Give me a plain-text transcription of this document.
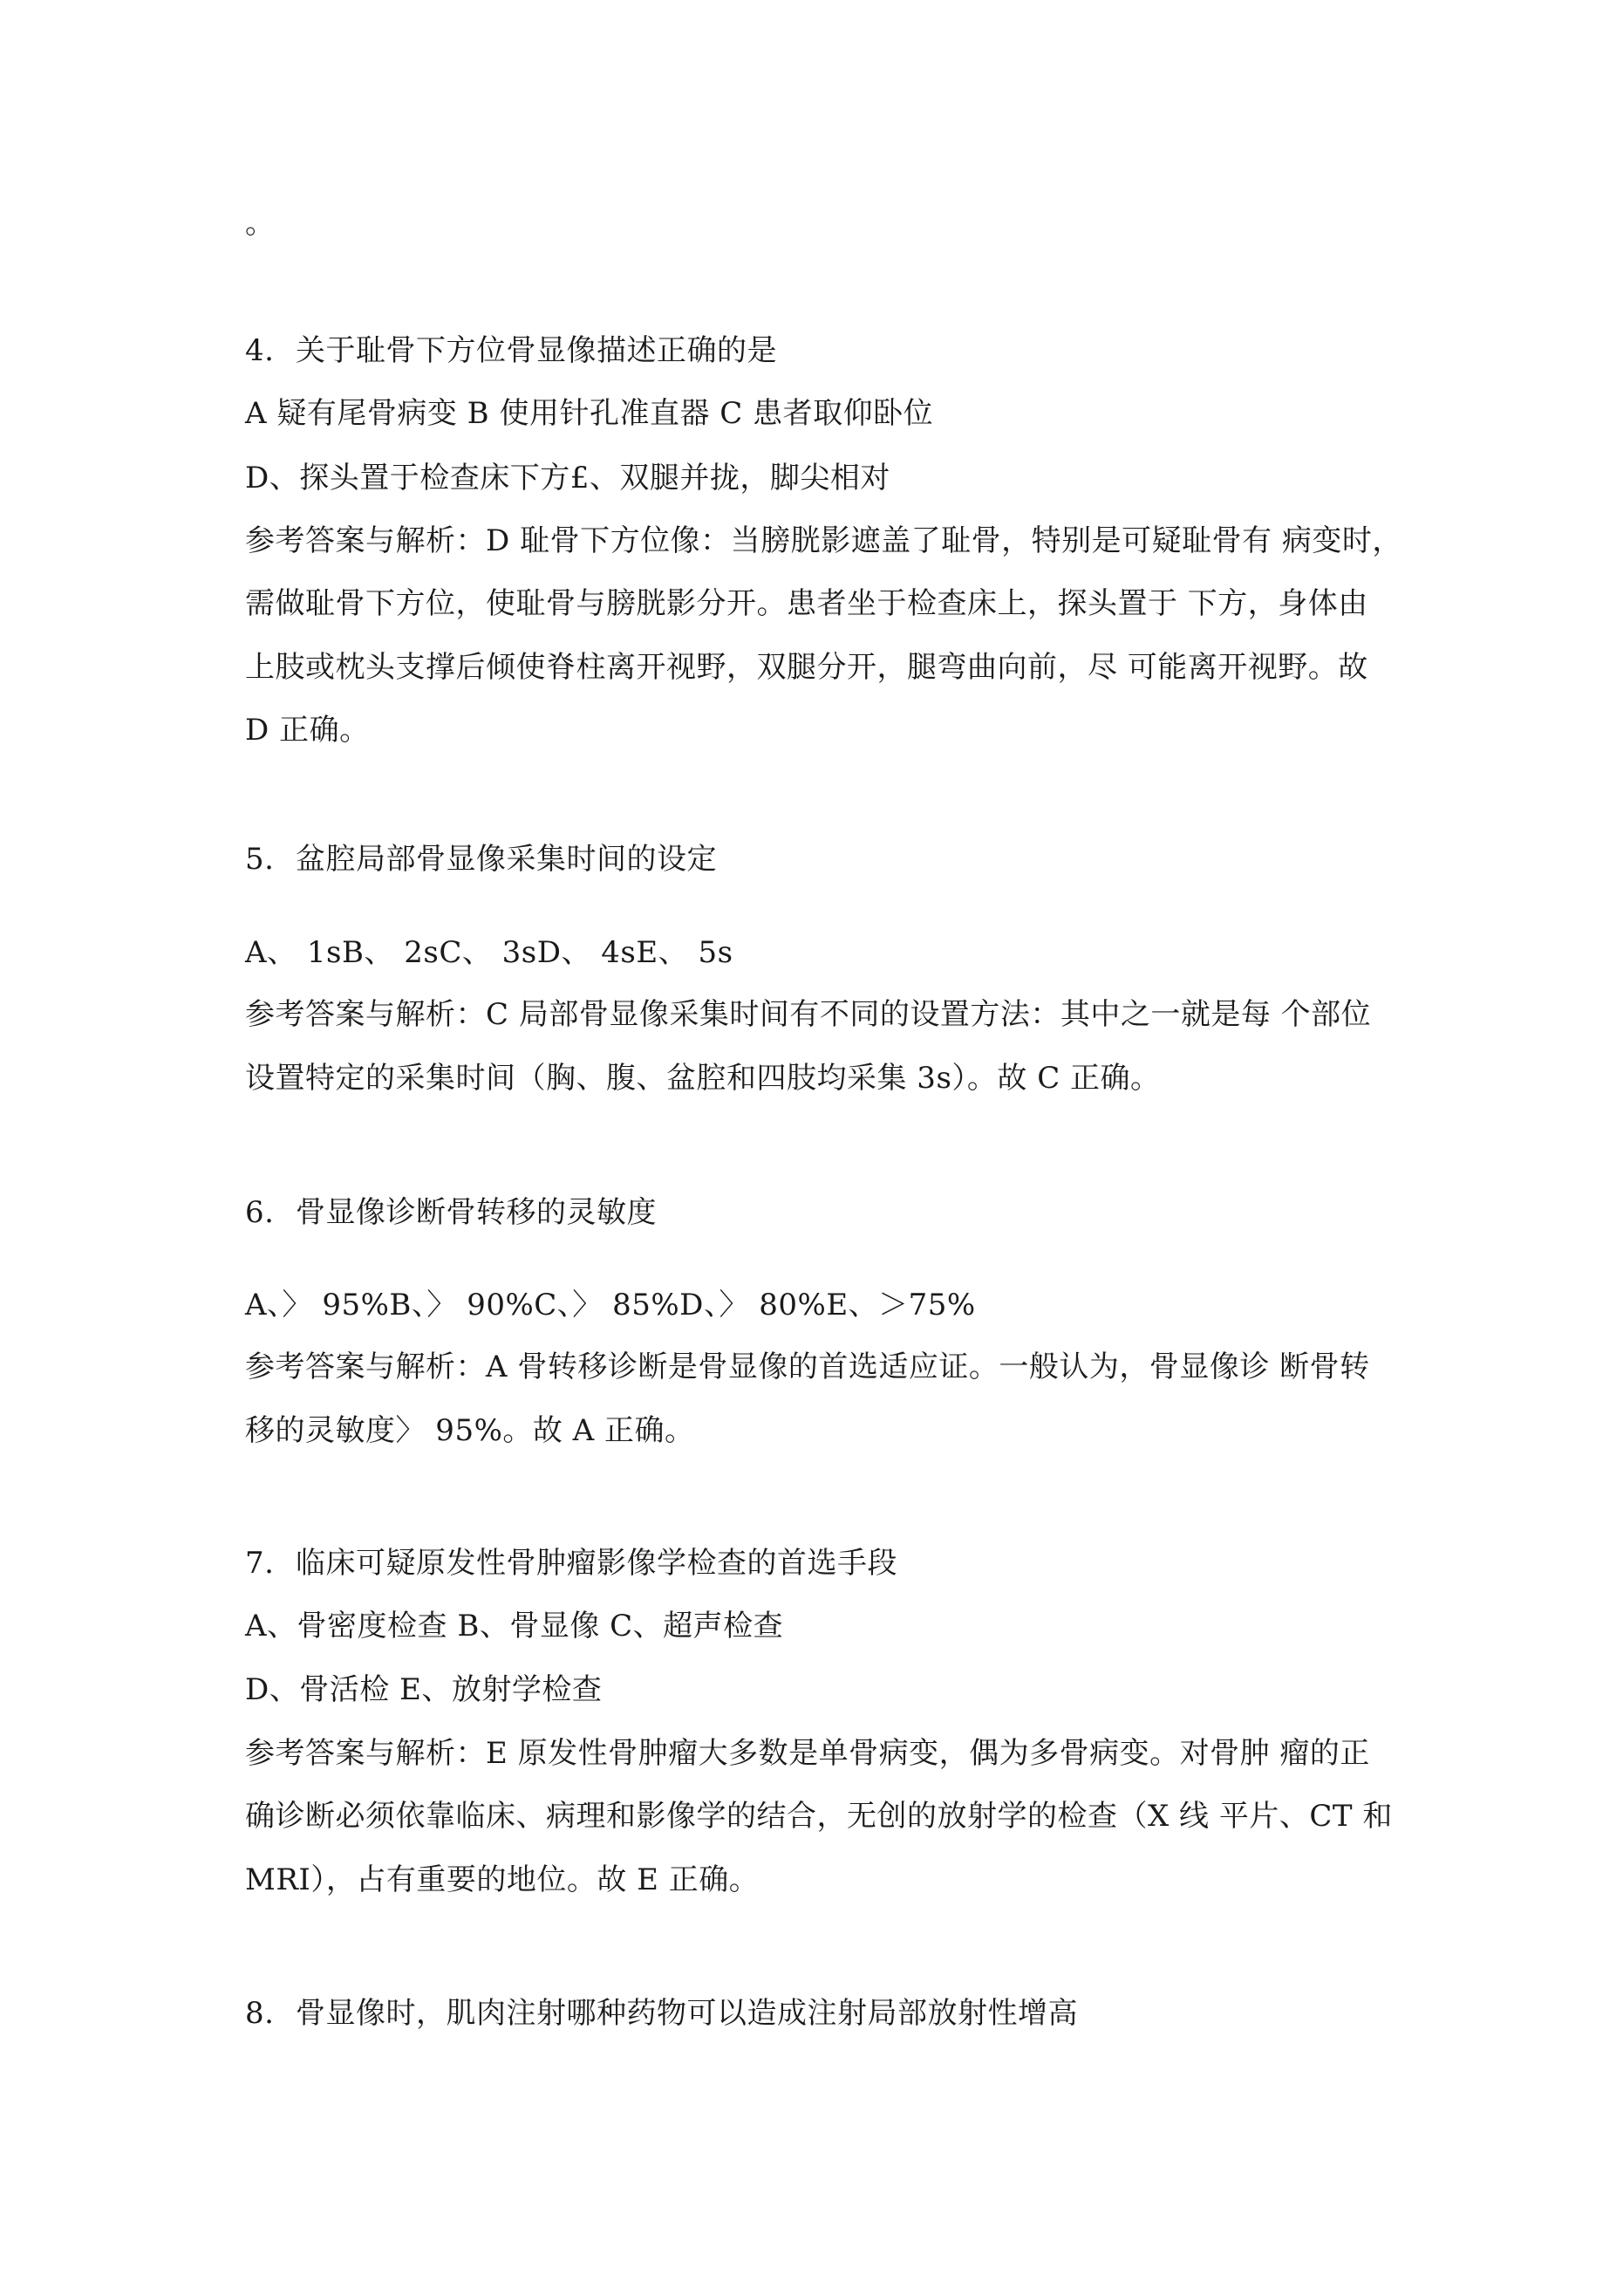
。
4. 关于耻骨下方位骨显像描述正确的是
A 疑有尾骨病变 B 使用针孔准直器 C 患者取仰卧位
D、探头置于检查床下方£、双腿并拢，脚尖相对
参考答案与解析：D 耻骨下方位像：当膀胱影遮盖了耻骨，特别是可疑耻骨有 病变时，
需做耻骨下方位，使耻骨与膀胱影分开。患者坐于检查床上，探头置于 下方，身体由
上肢或枕头支撑后倾使脊柱离开视野，双腿分开，腿弯曲向前，尽 可能离开视野。故
D 正确。
5. 盆腔局部骨显像采集时间的设定
A、 1sB、 2sC、 3sD、 4sE、 5s
参考答案与解析：C 局部骨显像采集时间有不同的设置方法：其中之一就是每 个部位
设置特定的采集时间（胸、腹、盆腔和四肢均采集 3s）。故 C 正确。
6. 骨显像诊断骨转移的灵敏度
A、〉 95%B、〉 90%C、〉 85%D、〉 80%E、＞75%
参考答案与解析：A 骨转移诊断是骨显像的首选适应证。一般认为，骨显像诊 断骨转
移的灵敏度〉 95%。故 A 正确。
7. 临床可疑原发性骨肿瘤影像学检查的首选手段
A、骨密度检查 B、骨显像 C、超声检查
D、骨活检 E、放射学检查
参考答案与解析：E 原发性骨肿瘤大多数是单骨病变，偶为多骨病变。对骨肿 瘤的正
确诊断必须依靠临床、病理和影像学的结合，无创的放射学的检查（X 线 平片、CT 和
MRI），占有重要的地位。故 E 正确。
8. 骨显像时，肌肉注射哪种药物可以造成注射局部放射性增高
